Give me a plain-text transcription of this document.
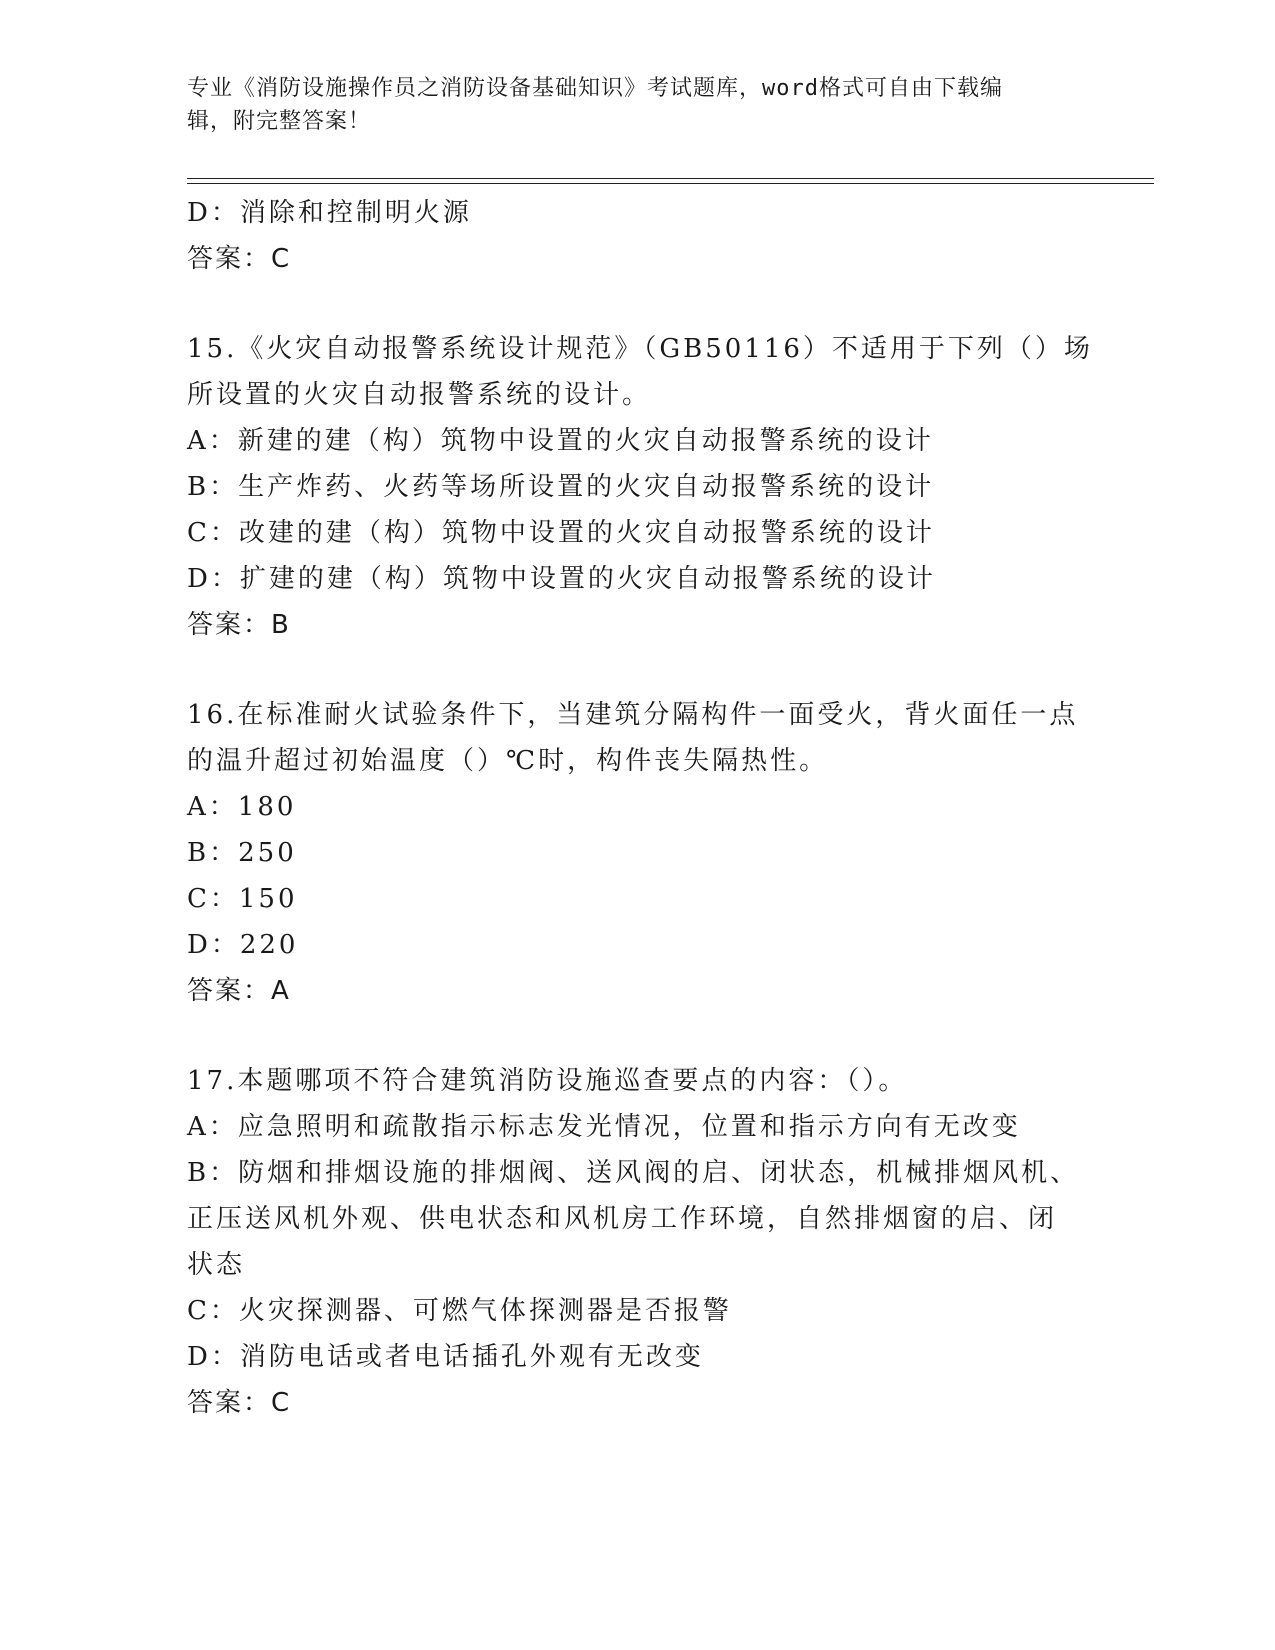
专业《消防设施操作员之消防设备基础知识》考试题库，word格式可自由下载编
辑，附完整答案！
D：消除和控制明火源
答案：C
15.《火灾自动报警系统设计规范》（GB50116）不适用于下列（）场
所设置的火灾自动报警系统的设计。
A：新建的建（构）筑物中设置的火灾自动报警系统的设计
B：生产炸药、火药等场所设置的火灾自动报警系统的设计
C：改建的建（构）筑物中设置的火灾自动报警系统的设计
D：扩建的建（构）筑物中设置的火灾自动报警系统的设计
答案：B
16.在标准耐火试验条件下，当建筑分隔构件一面受火，背火面任一点
的温升超过初始温度（）℃时，构件丧失隔热性。
A：180
B：250
C：150
D：220
答案：A
17.本题哪项不符合建筑消防设施巡查要点的内容：（）。
A：应急照明和疏散指示标志发光情况，位置和指示方向有无改变
B：防烟和排烟设施的排烟阀、送风阀的启、闭状态，机械排烟风机、
正压送风机外观、供电状态和风机房工作环境，自然排烟窗的启、闭
状态
C：火灾探测器、可燃气体探测器是否报警
D：消防电话或者电话插孔外观有无改变
答案：C
